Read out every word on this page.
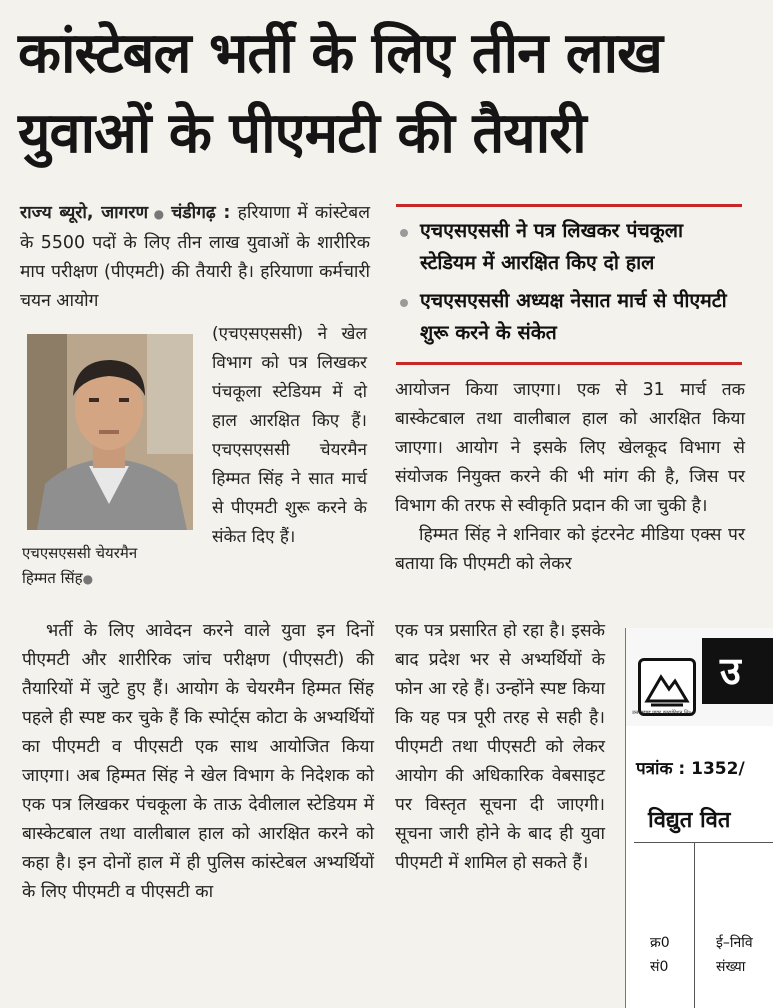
कांस्टेबल भर्ती के लिए तीन लाख
युवाओं के पीएमटी की तैयारी

राज्य ब्यूरो, जागरण ● चंडीगढ़ : हरियाणा में कांस्टेबल के 5500 पदों के लिए तीन लाख युवाओं के शारीरिक माप परीक्षण (पीएमटी) की तैयारी है। हरियाणा कर्मचारी चयन आयोग

एचएसएससी चेयरमैन
हिम्मत सिंह●

(एचएसएससी) ने खेल विभाग को पत्र लिखकर पंचकूला स्टेडियम में दो हाल आरक्षित किए हैं। एचएसएससी चेयरमैन हिम्मत सिंह ने सात मार्च से पीएमटी शुरू करने के संकेत दिए हैं।

भर्ती के लिए आवेदन करने वाले युवा इन दिनों पीएमटी और शारीरिक जांच परीक्षण (पीएसटी) की तैयारियों में जुटे हुए हैं। आयोग के चेयरमैन हिम्मत सिंह पहले ही स्पष्ट कर चुके हैं कि स्पोर्ट्स कोटा के अभ्यर्थियों का पीएमटी व पीएसटी एक साथ आयोजित किया जाएगा। अब हिम्मत सिंह ने खेल विभाग के निदेशक को एक पत्र लिखकर पंचकूला के ताऊ देवीलाल स्टेडियम में बास्केटबाल तथा वालीबाल हाल को आरक्षित करने को कहा है। इन दोनों हाल में ही पुलिस कांस्टेबल अभ्यर्थियों के लिए पीएमटी व पीएसटी का

एचएसएससी ने पत्र लिखकर पंचकूला स्टेडियम में आरक्षित किए दो हाल
एचएसएससी अध्यक्ष नेसात मार्च से पीएमटी शुरू करने के संकेत

आयोजन किया जाएगा। एक से 31 मार्च तक बास्केटबाल तथा वालीबाल हाल को आरक्षित किया जाएगा। आयोग ने इसके लिए खेलकूद विभाग से संयोजक नियुक्त करने की भी मांग की है, जिस पर विभाग की तरफ से स्वीकृति प्रदान की जा चुकी है।

हिम्मत सिंह ने शनिवार को इंटरनेट मीडिया एक्स पर बताया कि पीएमटी को लेकर

एक पत्र प्रसारित हो रहा है। इसके बाद प्रदेश भर से अभ्यर्थियों के फोन आ रहे हैं। उन्होंने स्पष्ट किया कि यह पत्र पूरी तरह से सही है। पीएमटी तथा पीएसटी को लेकर आयोग की अधिकारिक वेबसाइट पर विस्तृत सूचना दी जाएगी। सूचना जारी होने के बाद ही युवा पीएमटी में शामिल हो सकते हैं।

उत्तराखण्ड पावर कारपोरेशन लि०
उ
पत्रांक : 1352/
विद्युत वित
क्र0
सं0
ई–निवि
संख्या
